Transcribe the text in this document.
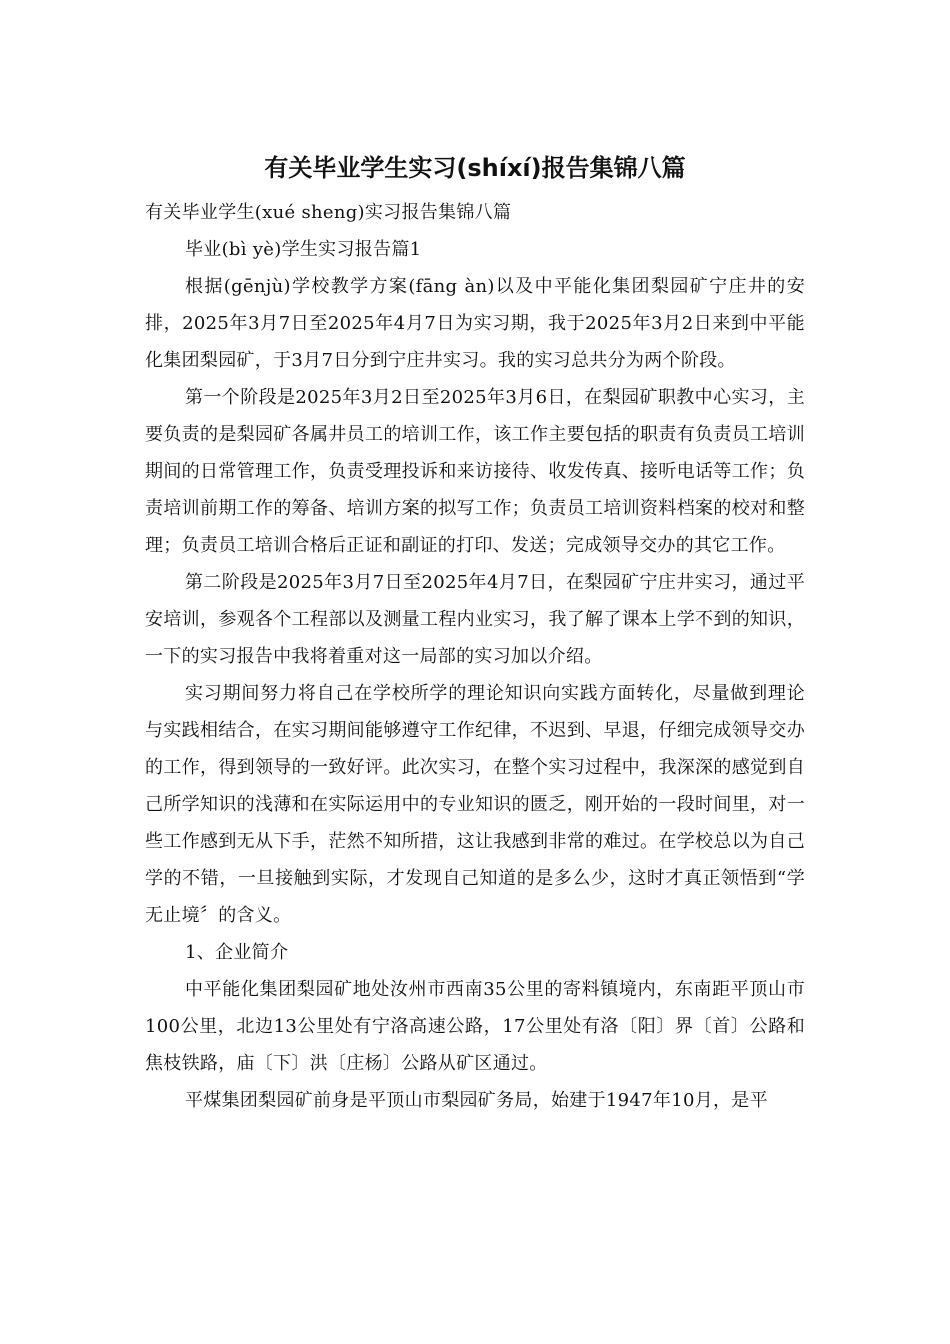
有关毕业学生实习(shíxí)报告集锦八篇

有关毕业学生(xué sheng)实习报告集锦八篇

毕业(bì yè)学生实习报告篇1

根据(gēnjù)学校教学方案(fāng àn)以及中平能化集团梨园矿宁庄井的安排，2025年3月7日至2025年4月7日为实习期，我于2025年3月2日来到中平能化集团梨园矿，于3月7日分到宁庄井实习。我的实习总共分为两个阶段。

第一个阶段是2025年3月2日至2025年3月6日，在梨园矿职教中心实习，主要负责的是梨园矿各属井员工的培训工作，该工作主要包括的职责有负责员工培训期间的日常管理工作，负责受理投诉和来访接待、收发传真、接听电话等工作；负责培训前期工作的筹备、培训方案的拟写工作；负责员工培训资料档案的校对和整理；负责员工培训合格后正证和副证的打印、发送；完成领导交办的其它工作。

第二阶段是2025年3月7日至2025年4月7日，在梨园矿宁庄井实习，通过平安培训，参观各个工程部以及测量工程内业实习，我了解了课本上学不到的知识，一下的实习报告中我将着重对这一局部的实习加以介绍。

实习期间努力将自己在学校所学的理论知识向实践方面转化，尽量做到理论与实践相结合，在实习期间能够遵守工作纪律，不迟到、早退，仔细完成领导交办的工作，得到领导的一致好评。此次实习，在整个实习过程中，我深深的感觉到自己所学知识的浅薄和在实际运用中的专业知识的匮乏，刚开始的一段时间里，对一些工作感到无从下手，茫然不知所措，这让我感到非常的难过。在学校总以为自己学的不错，一旦接触到实际，才发现自己知道的是多么少，这时才真正领悟到“学无止境〞的含义。

1、企业简介

中平能化集团梨园矿地处汝州市西南35公里的寄料镇境内，东南距平顶山市100公里，北边13公里处有宁洛高速公路，17公里处有洛〔阳〕界〔首〕公路和焦枝铁路，庙〔下〕洪〔庄杨〕公路从矿区通过。

平煤集团梨园矿前身是平顶山市梨园矿务局，始建于1947年10月，是平
